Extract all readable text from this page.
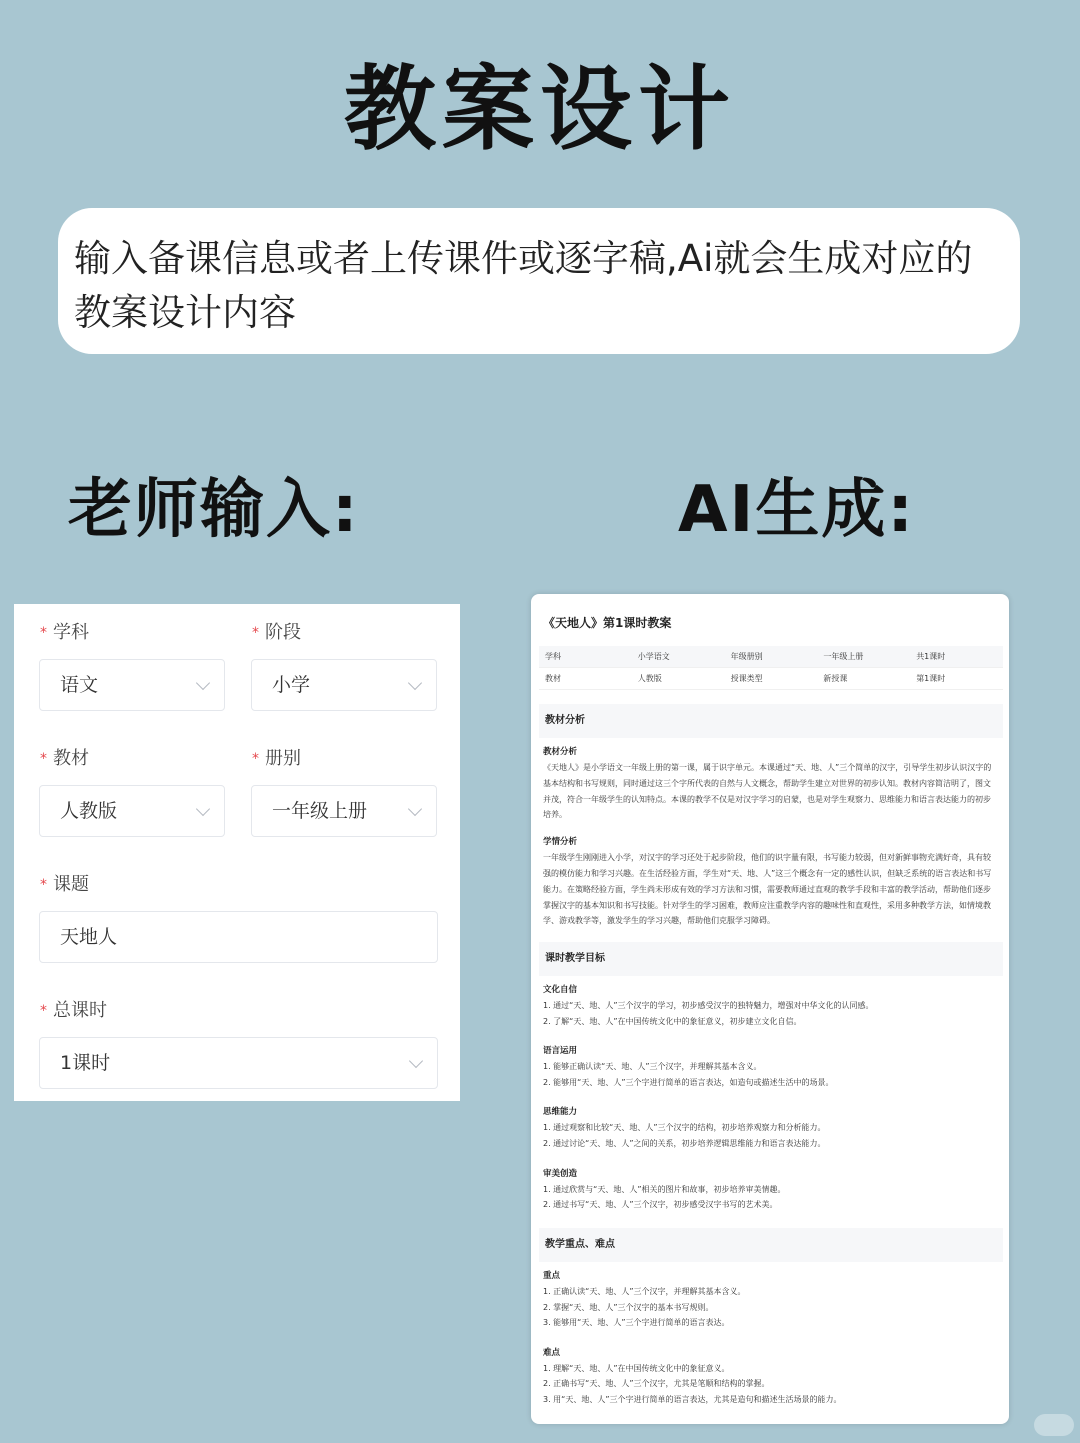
教案设计
输入备课信息或者上传课件或逐字稿,Ai就会生成对应的教案设计内容
老师输入:	AI生成:
* 学科
语文
* 阶段
小学
* 教材
人教版
* 册别
一年级上册
* 课题
天地人
* 总课时
1课时
《天地人》第1课时教案
学科	小学语文	年级册别	一年级上册	共1课时
教材	人教版	授课类型	新授课	第1课时
教材分析
教材分析
《天地人》是小学语文一年级上册的第一课，属于识字单元。本课通过“天、地、人”三个简单的汉字，引导学生初步认识汉字的基本结构和书写规则，同时通过这三个字所代表的自然与人文概念，帮助学生建立对世界的初步认知。教材内容简洁明了，图文并茂，符合一年级学生的认知特点。本课的教学不仅是对汉字学习的启蒙，也是对学生观察力、思维能力和语言表达能力的初步培养。
学情分析
一年级学生刚刚进入小学，对汉字的学习还处于起步阶段，他们的识字量有限，书写能力较弱，但对新鲜事物充满好奇，具有较强的模仿能力和学习兴趣。在生活经验方面，学生对“天、地、人”这三个概念有一定的感性认识，但缺乏系统的语言表达和书写能力。在策略经验方面，学生尚未形成有效的学习方法和习惯，需要教师通过直观的教学手段和丰富的教学活动，帮助他们逐步掌握汉字的基本知识和书写技能。针对学生的学习困难，教师应注重教学内容的趣味性和直观性，采用多种教学方法，如情境教学、游戏教学等，激发学生的学习兴趣，帮助他们克服学习障碍。
课时教学目标
文化自信
1. 通过“天、地、人”三个汉字的学习，初步感受汉字的独特魅力，增强对中华文化的认同感。
2. 了解“天、地、人”在中国传统文化中的象征意义，初步建立文化自信。
语言运用
1. 能够正确认读“天、地、人”三个汉字，并理解其基本含义。
2. 能够用“天、地、人”三个字进行简单的语言表达，如造句或描述生活中的场景。
思维能力
1. 通过观察和比较“天、地、人”三个汉字的结构，初步培养观察力和分析能力。
2. 通过讨论“天、地、人”之间的关系，初步培养逻辑思维能力和语言表达能力。
审美创造
1. 通过欣赏与“天、地、人”相关的图片和故事，初步培养审美情趣。
2. 通过书写“天、地、人”三个汉字，初步感受汉字书写的艺术美。
教学重点、难点
重点
1. 正确认读“天、地、人”三个汉字，并理解其基本含义。
2. 掌握“天、地、人”三个汉字的基本书写规则。
3. 能够用“天、地、人”三个字进行简单的语言表达。
难点
1. 理解“天、地、人”在中国传统文化中的象征意义。
2. 正确书写“天、地、人”三个汉字，尤其是笔顺和结构的掌握。
3. 用“天、地、人”三个字进行简单的语言表达，尤其是造句和描述生活场景的能力。
